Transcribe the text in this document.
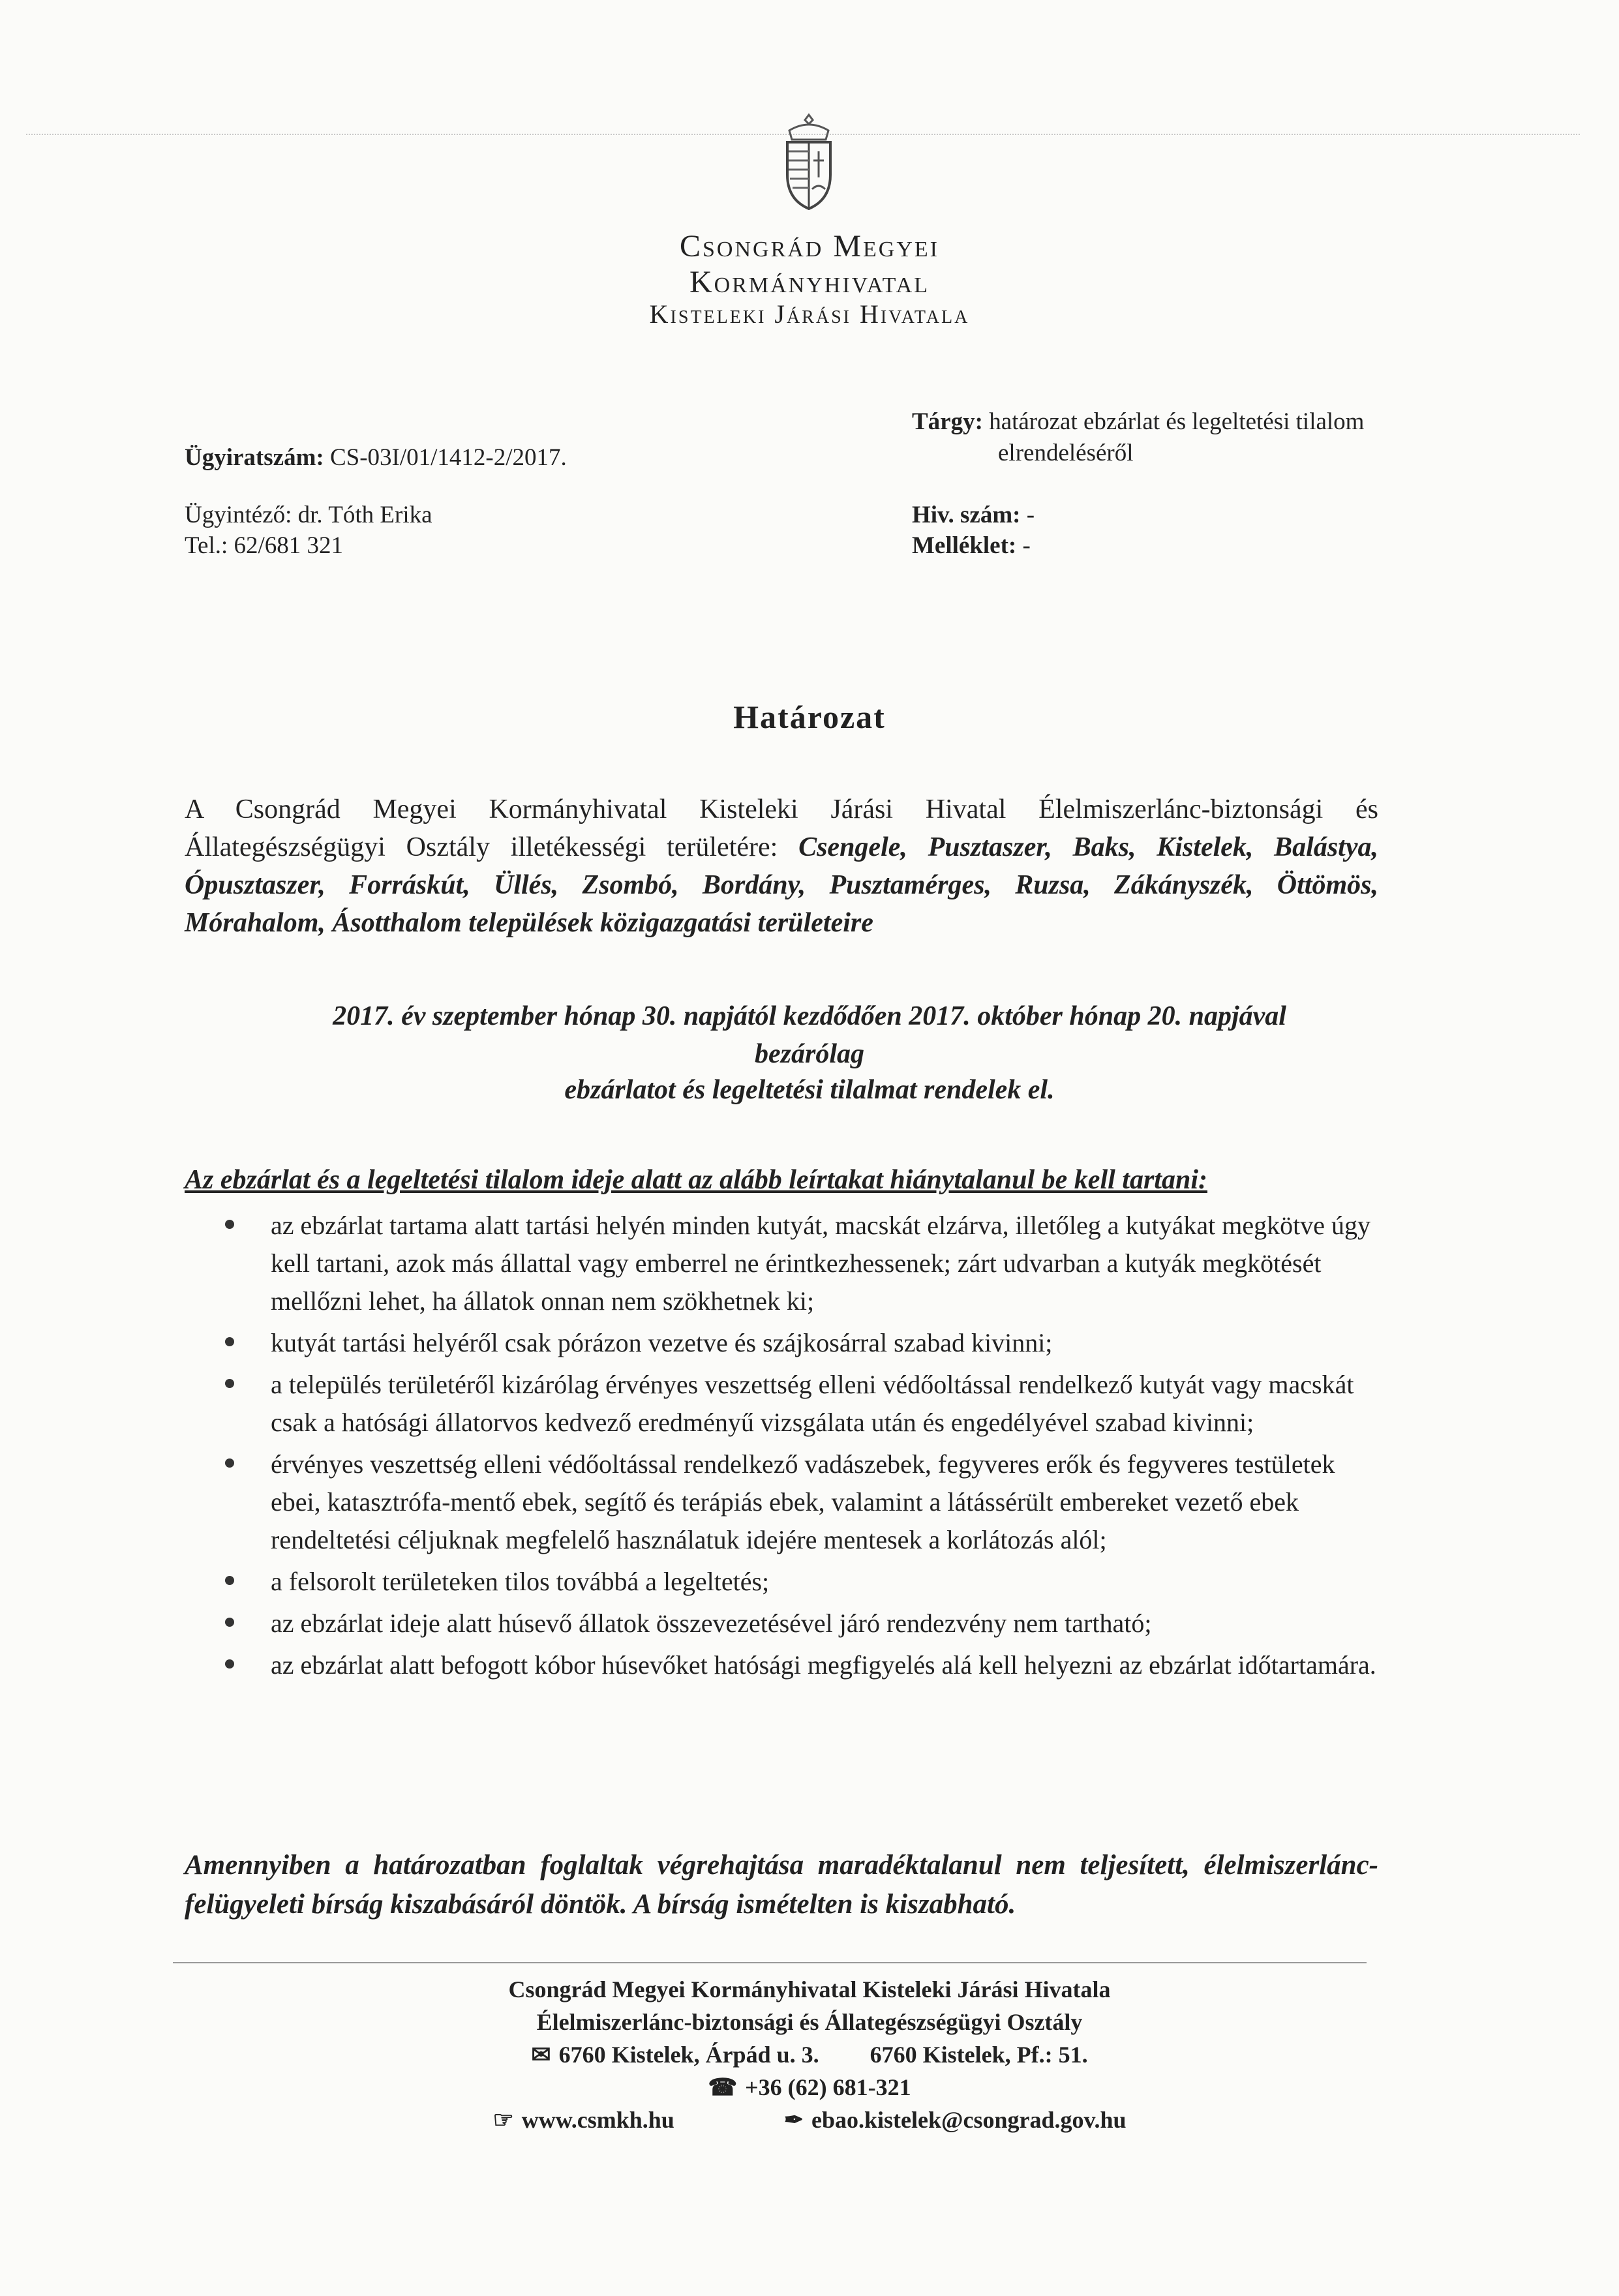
Csongrád Megyei
Kormányhivatal
Kisteleki Járási Hivatala
Ügyiratszám: CS-03I/01/1412-2/2017.
Tárgy: határozat ebzárlat és legeltetési tilalom
elrendeléséről
Ügyintéző: dr. Tóth Erika
Tel.: 62/681 321
Hiv. szám: -
Melléklet: -
Határozat
A Csongrád Megyei Kormányhivatal Kisteleki Járási Hivatal Élelmiszerlánc-biztonsági és Állategészségügyi Osztály illetékességi területére: Csengele, Pusztaszer, Baks, Kistelek, Balástya, Ópusztaszer, Forráskút, Üllés, Zsombó, Bordány, Pusztamérges, Ruzsa, Zákányszék, Öttömös, Mórahalom, Ásotthalom települések közigazgatási területeire
2017. év szeptember hónap 30. napjától kezdődően 2017. október hónap 20. napjával
bezárólag
ebzárlatot és legeltetési tilalmat rendelek el.
Az ebzárlat és a legeltetési tilalom ideje alatt az alább leírtakat hiánytalanul be kell tartani:
az ebzárlat tartama alatt tartási helyén minden kutyát, macskát elzárva, illetőleg a kutyákat megkötve úgy kell tartani, azok más állattal vagy emberrel ne érintkezhessenek; zárt udvarban a kutyák megkötését mellőzni lehet, ha állatok onnan nem szökhetnek ki;
kutyát tartási helyéről csak pórázon vezetve és szájkosárral szabad kivinni;
a település területéről kizárólag érvényes veszettség elleni védőoltással rendelkező kutyát vagy macskát csak a hatósági állatorvos kedvező eredményű vizsgálata után és engedélyével szabad kivinni;
érvényes veszettség elleni védőoltással rendelkező vadászebek, fegyveres erők és fegyveres testületek ebei, katasztrófa-mentő ebek, segítő és terápiás ebek, valamint a látássérült embereket vezető ebek rendeltetési céljuknak megfelelő használatuk idejére mentesek a korlátozás alól;
a felsorolt területeken tilos továbbá a legeltetés;
az ebzárlat ideje alatt húsevő állatok összevezetésével járó rendezvény nem tartható;
az ebzárlat alatt befogott kóbor húsevőket hatósági megfigyelés alá kell helyezni az ebzárlat időtartamára.
Amennyiben a határozatban foglaltak végrehajtása maradéktalanul nem teljesített, élelmiszerlánc-felügyeleti bírság kiszabásáról döntök. A bírság ismételten is kiszabható.
Csongrád Megyei Kormányhivatal Kisteleki Járási Hivatala
Élelmiszerlánc-biztonsági és Állategészségügyi Osztály
✉ 6760 Kistelek, Árpád u. 3. 6760 Kistelek, Pf.: 51.
☎ +36 (62) 681-321
☞ www.csmkh.hu	✒ ebao.kistelek@csongrad.gov.hu
